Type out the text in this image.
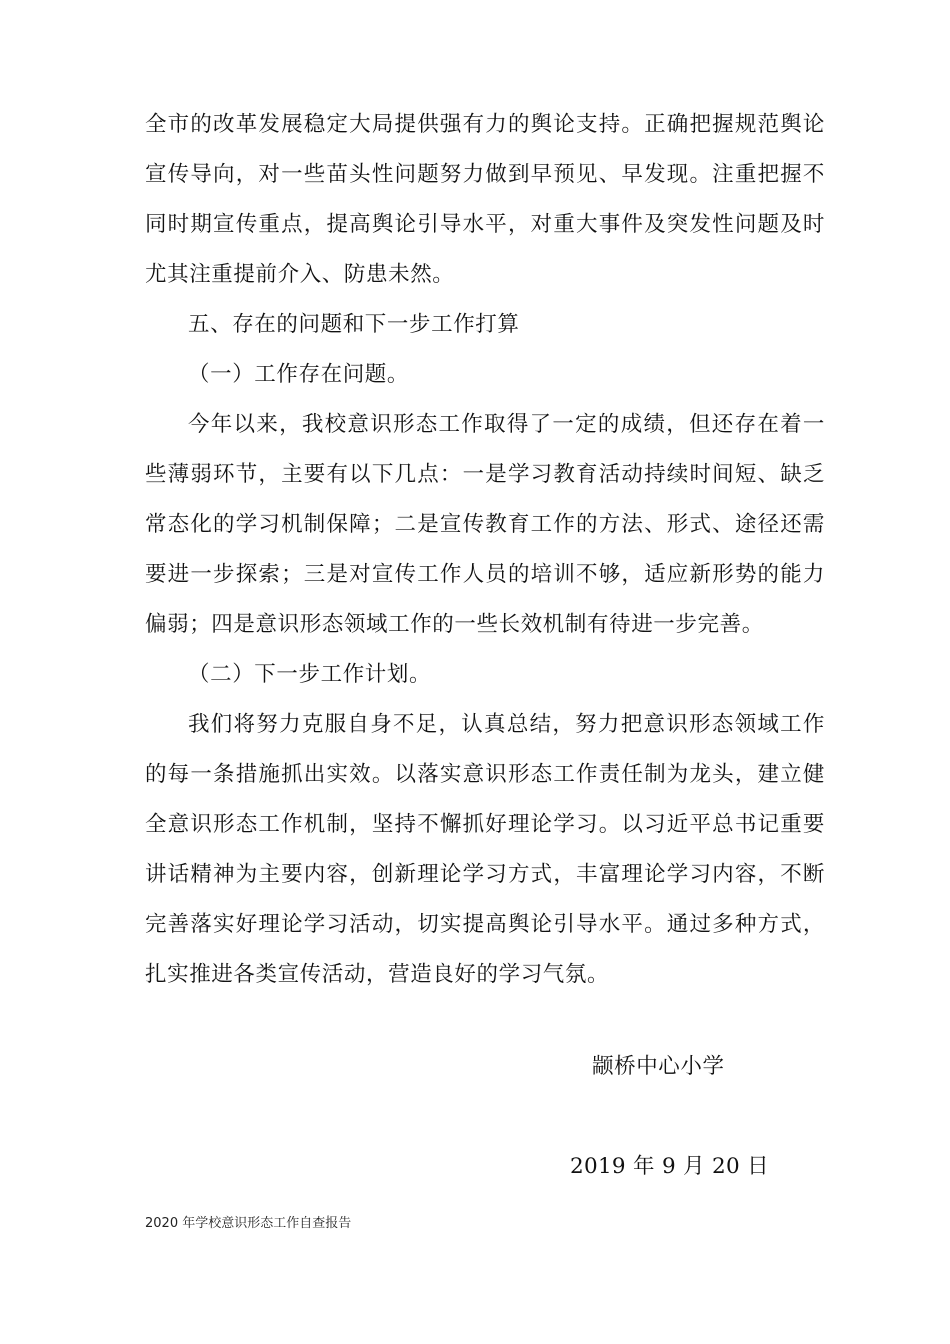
全市的改革发展稳定大局提供强有力的舆论支持。正确把握规范舆论宣传导向，对一些苗头性问题努力做到早预见、早发现。注重把握不同时期宣传重点，提高舆论引导水平，对重大事件及突发性问题及时尤其注重提前介入、防患未然。

五、存在的问题和下一步工作打算

（一）工作存在问题。

今年以来，我校意识形态工作取得了一定的成绩，但还存在着一些薄弱环节，主要有以下几点：一是学习教育活动持续时间短、缺乏常态化的学习机制保障；二是宣传教育工作的方法、形式、途径还需要进一步探索；三是对宣传工作人员的培训不够，适应新形势的能力偏弱；四是意识形态领域工作的一些长效机制有待进一步完善。

（二）下一步工作计划。

我们将努力克服自身不足，认真总结，努力把意识形态领域工作的每一条措施抓出实效。以落实意识形态工作责任制为龙头，建立健全意识形态工作机制，坚持不懈抓好理论学习。以习近平总书记重要讲话精神为主要内容，创新理论学习方式，丰富理论学习内容，不断完善落实好理论学习活动，切实提高舆论引导水平。通过多种方式，扎实推进各类宣传活动，营造良好的学习气氛。

颛桥中心小学
2019 年 9 月 20 日
2020 年学校意识形态工作自查报告
